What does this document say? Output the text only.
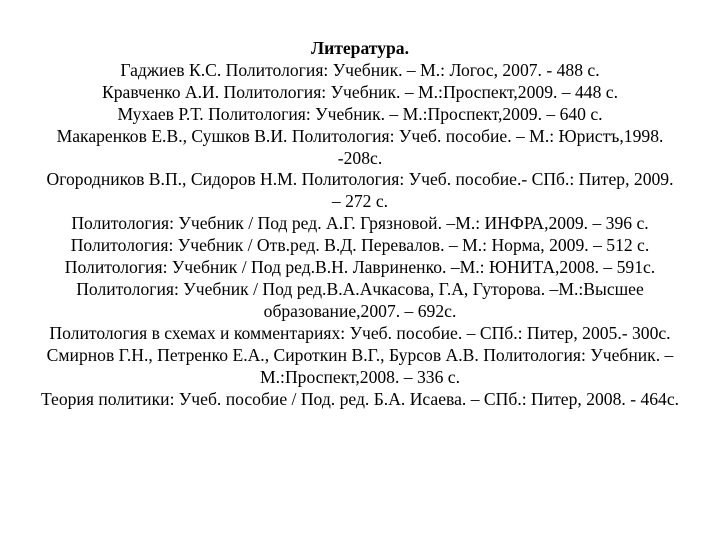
Литература.

Гаджиев К.С. Политология: Учебник. – М.: Логос, 2007. - 488 с.

Кравченко А.И. Политология: Учебник. – М.:Проспект,2009. – 448 с.

Мухаев Р.Т. Политология: Учебник. – М.:Проспект,2009. – 640 с.

Макаренков Е.В., Сушков В.И. Политология: Учеб. пособие. – М.: Юристъ,1998. -208с.

Огородников В.П., Сидоров Н.М. Политология: Учеб. пособие.- СПб.: Питер, 2009. – 272 с.

Политология: Учебник / Под ред. А.Г. Грязновой. –М.: ИНФРА,2009. – 396 с.

Политология: Учебник / Отв.ред. В.Д. Перевалов. – М.: Норма, 2009. – 512 с.

Политология: Учебник / Под ред.В.Н. Лавриненко. –М.: ЮНИТА,2008. – 591с.

Политология: Учебник / Под ред.В.А.Ачкасова, Г.А, Гуторова. –М.:Высшее образование,2007. – 692с.

Политология в схемах и комментариях: Учеб. пособие. – СПб.: Питер, 2005.- 300с.

Смирнов Г.Н., Петренко Е.А., Сироткин В.Г., Бурсов А.В. Политология: Учебник. – М.:Проспект,2008. – 336 с.

Теория политики: Учеб. пособие / Под. ред. Б.А. Исаева. – СПб.: Питер, 2008. - 464с.
